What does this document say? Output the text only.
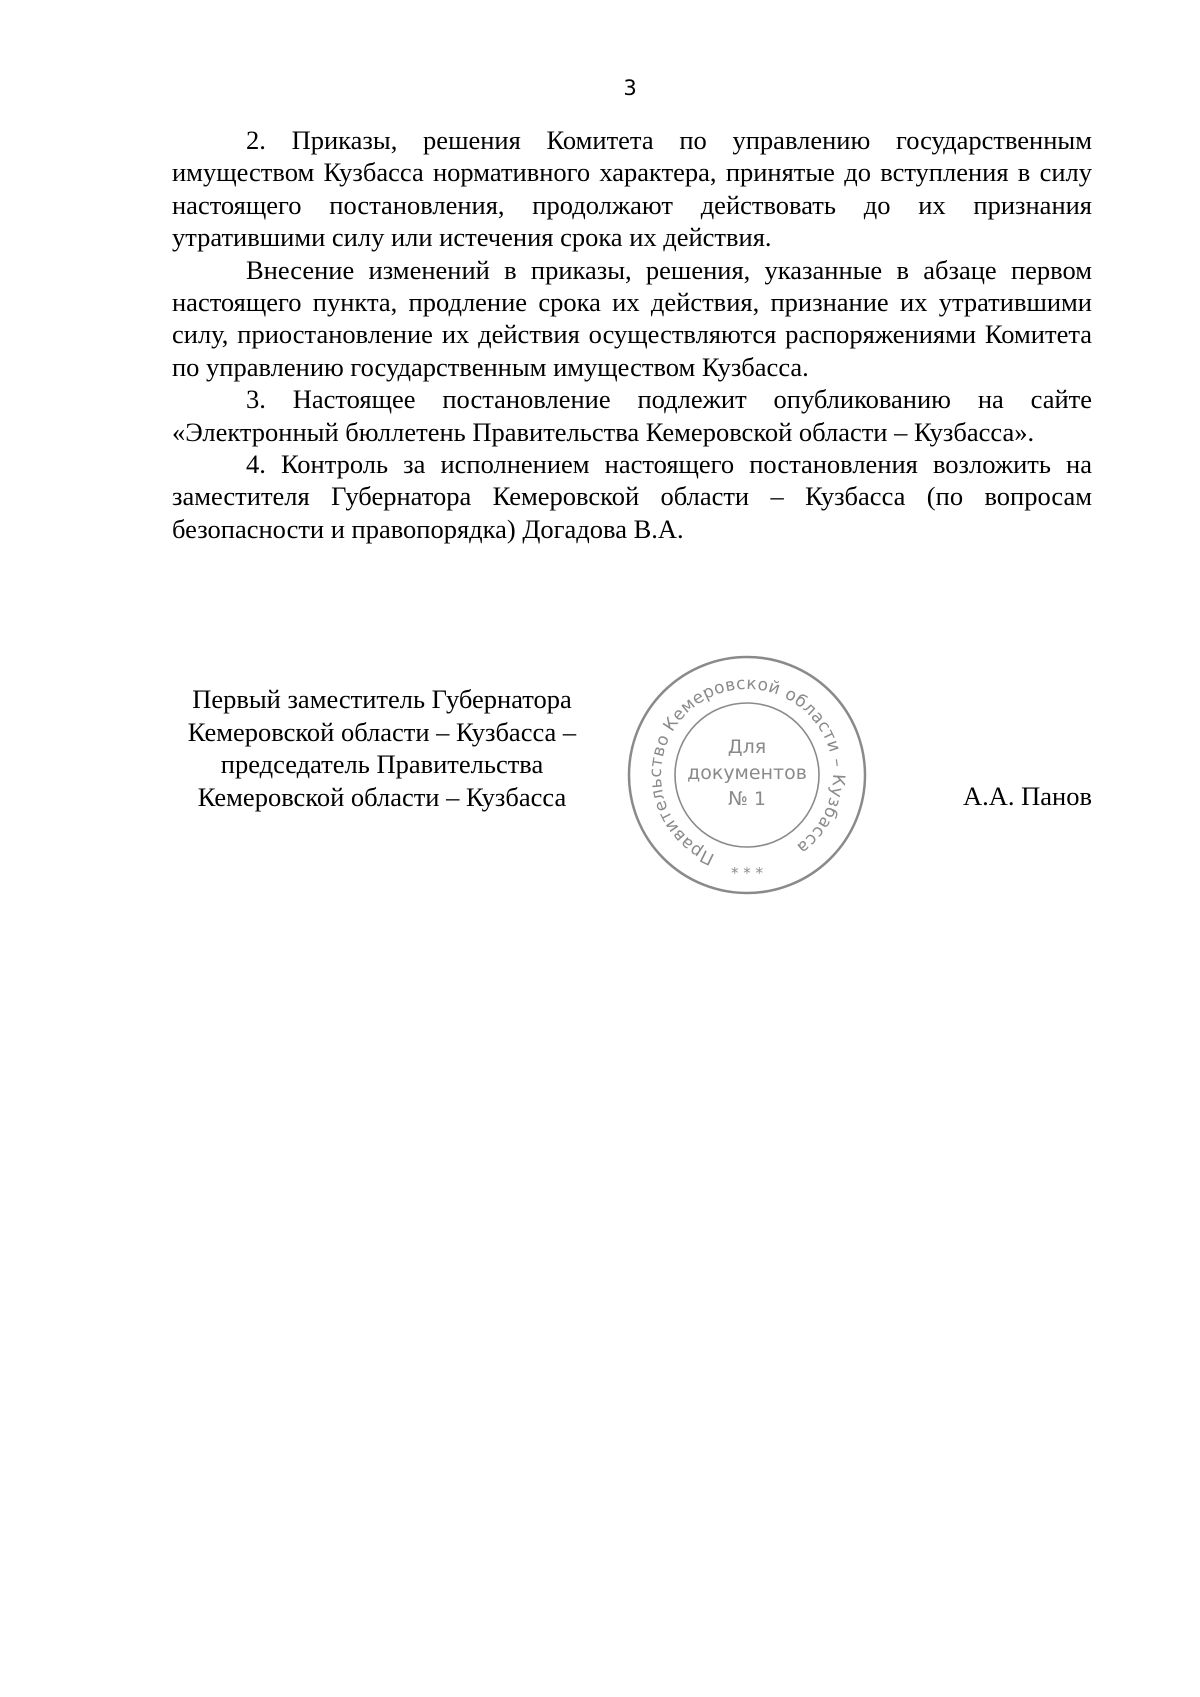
3

2. Приказы, решения Комитета по управлению государственным имуществом Кузбасса нормативного характера, принятые до вступления в силу настоящего постановления, продолжают действовать до их признания утратившими силу или истечения срока их действия.

Внесение изменений в приказы, решения, указанные в абзаце первом настоящего пункта, продление срока их действия, признание их утратившими силу, приостановление их действия осуществляются распоряжениями Комитета по управлению государственным имуществом Кузбасса.

3. Настоящее постановление подлежит опубликованию на сайте «Электронный бюллетень Правительства Кемеровской области – Кузбасса».

4. Контроль за исполнением настоящего постановления возложить на заместителя Губернатора Кемеровской области – Кузбасса (по вопросам безопасности и правопорядка) Догадова В.А.

Первый заместитель Губернатора
Кемеровской области – Кузбасса –
председатель Правительства
Кемеровской области – Кузбасса	А.А. Панов
Правительство Кемеровской области – Кузбасса
* * *
Для
документов
№ 1
